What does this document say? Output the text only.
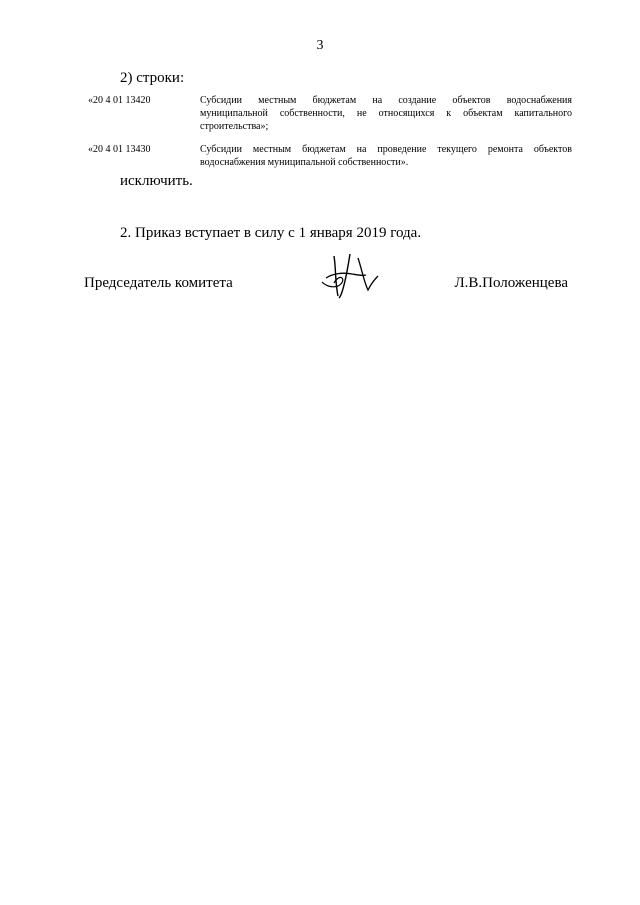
3
2) строки:
«20 4 01 13420	Субсидии местным бюджетам на создание объектов водоснабжения
муниципальной собственности, не относящихся к объектам капитального
строительства»;
«20 4 01 13430	Субсидии местным бюджетам на проведение текущего ремонта объектов
водоснабжения муниципальной собственности».
исключить.
2. Приказ вступает в силу с 1 января 2019 года.
Председатель комитета	Л.В.Положенцева
